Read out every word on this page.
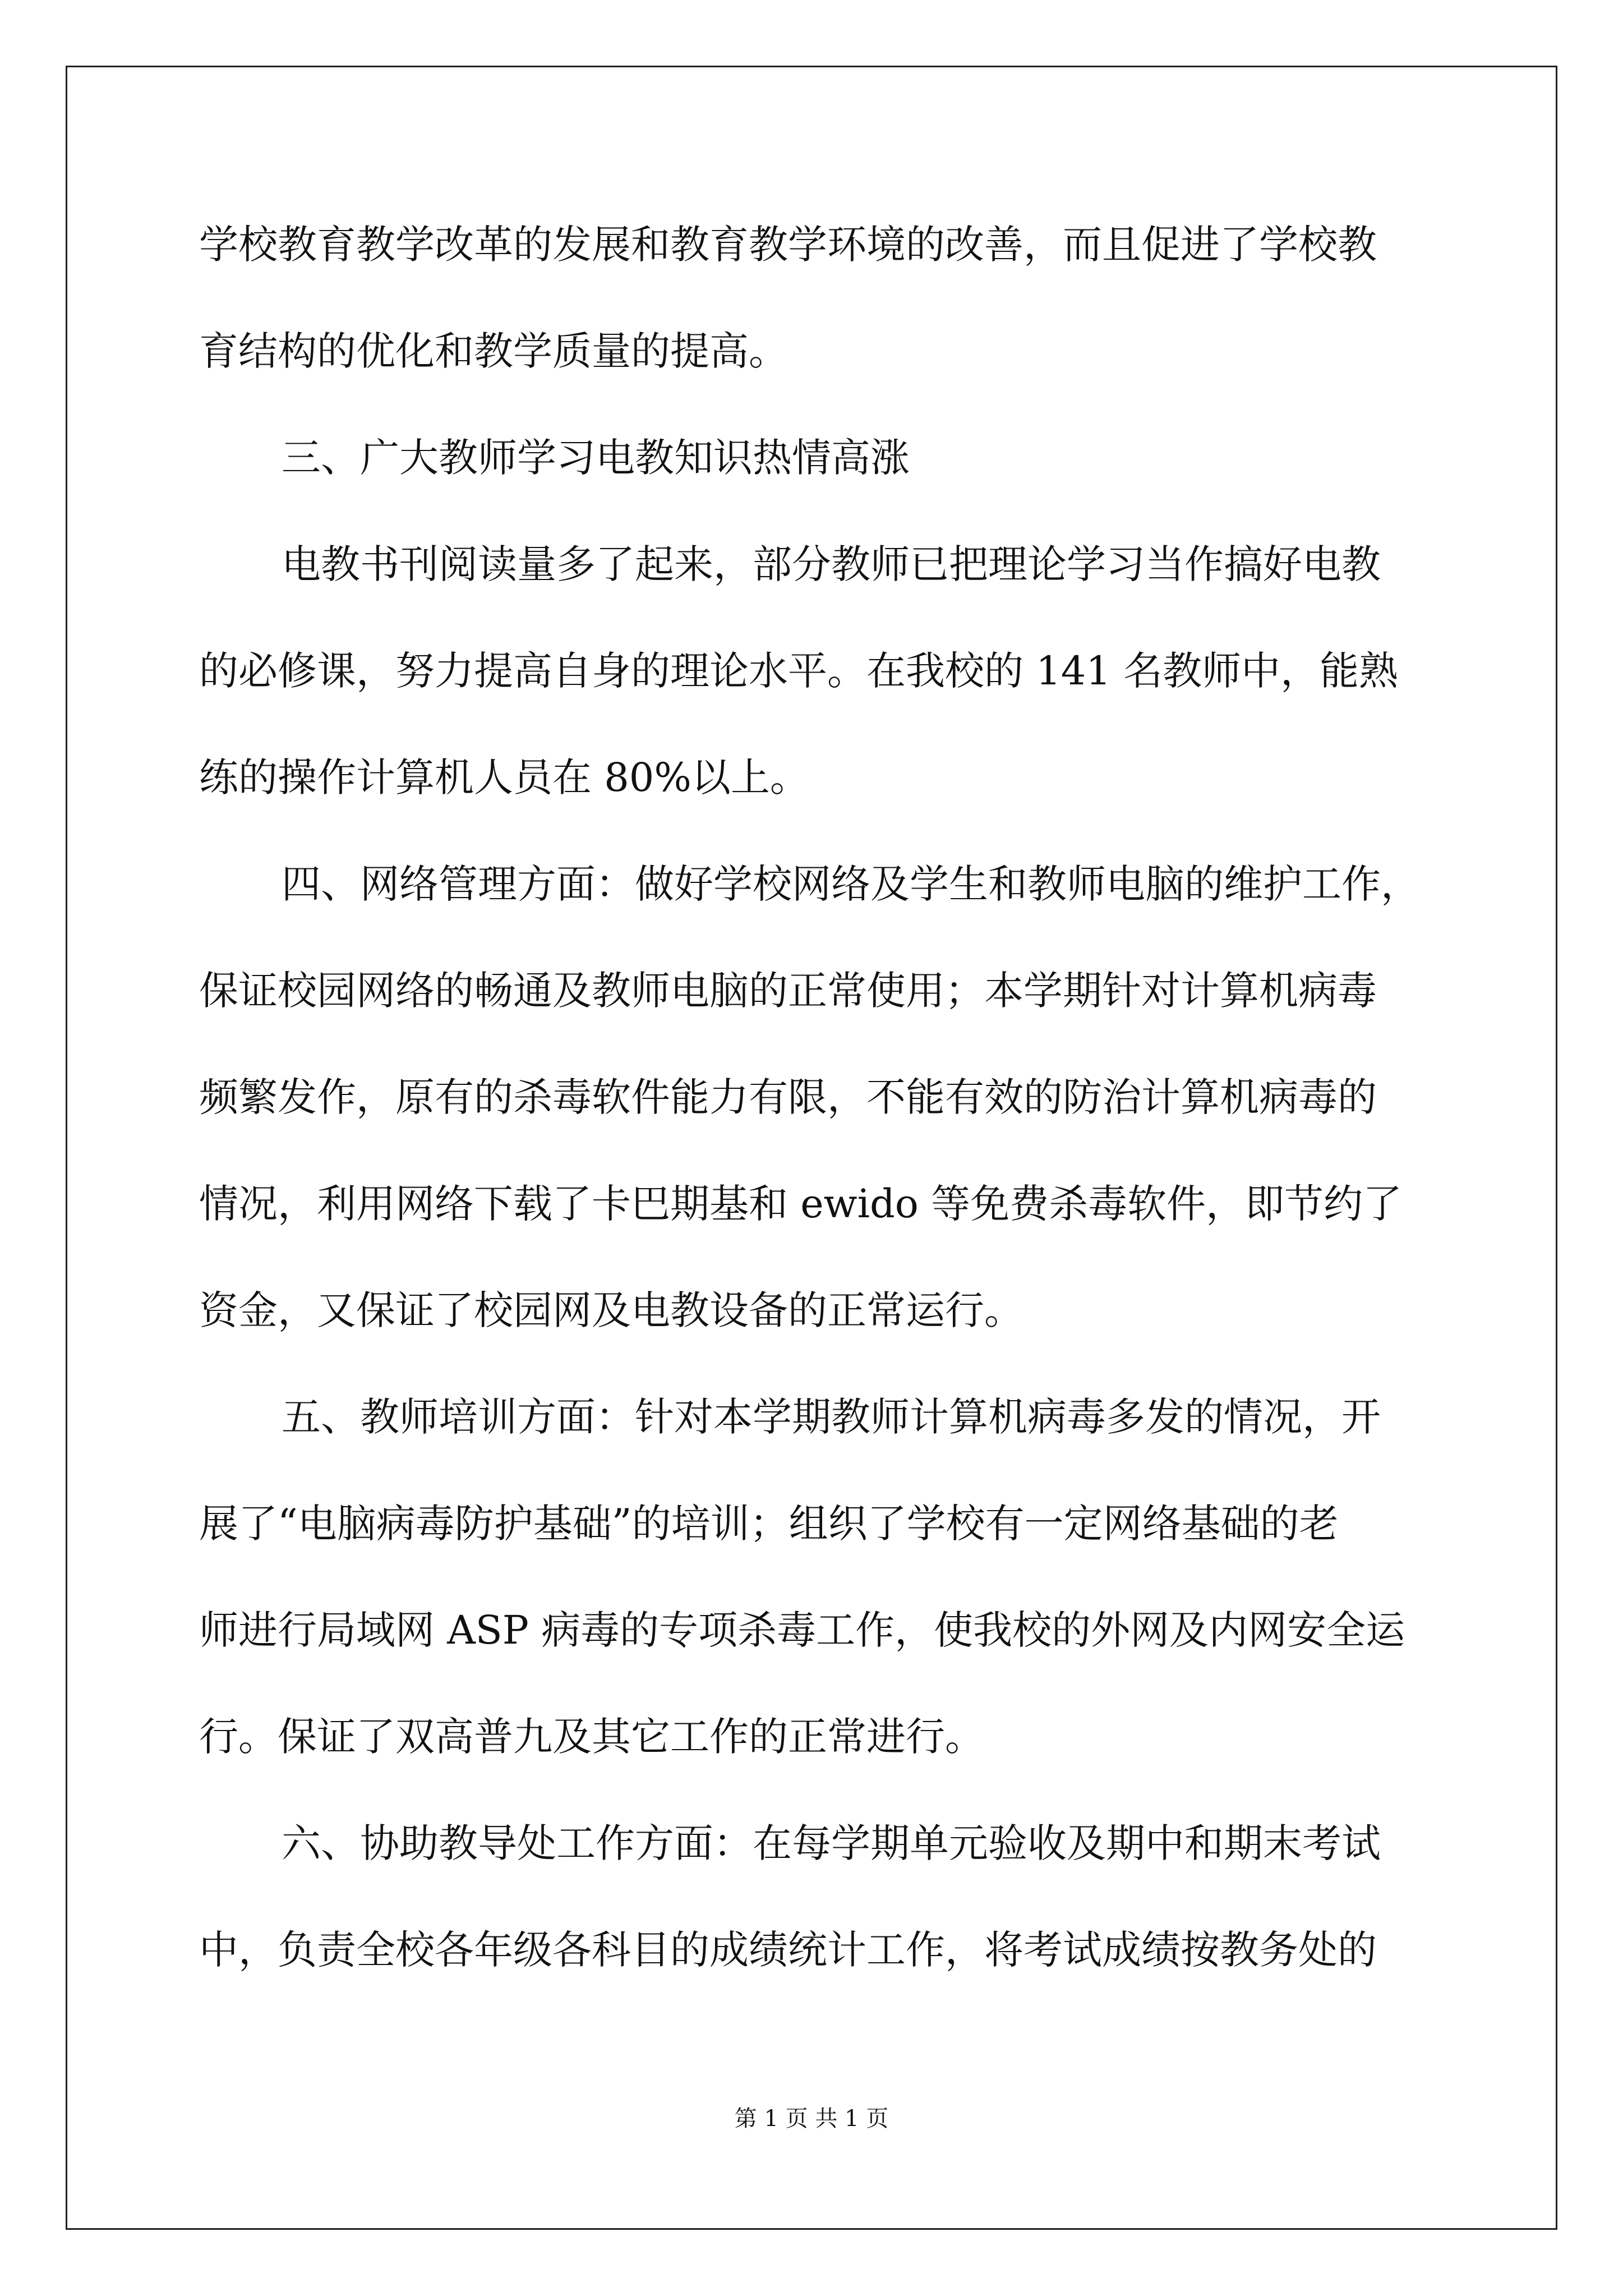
学校教育教学改革的发展和教育教学环境的改善，而且促进了学校教
育结构的优化和教学质量的提高。
三、广大教师学习电教知识热情高涨
电教书刊阅读量多了起来，部分教师已把理论学习当作搞好电教
的必修课，努力提高自身的理论水平。在我校的 141 名教师中，能熟
练的操作计算机人员在 80%以上。
四、网络管理方面：做好学校网络及学生和教师电脑的维护工作，
保证校园网络的畅通及教师电脑的正常使用；本学期针对计算机病毒
频繁发作，原有的杀毒软件能力有限，不能有效的防治计算机病毒的
情况，利用网络下载了卡巴期基和 ewido 等免费杀毒软件，即节约了
资金，又保证了校园网及电教设备的正常运行。
五、教师培训方面：针对本学期教师计算机病毒多发的情况，开
展了“电脑病毒防护基础”的培训；组织了学校有一定网络基础的老
师进行局域网 ASP 病毒的专项杀毒工作，使我校的外网及内网安全运
行。保证了双高普九及其它工作的正常进行。
六、协助教导处工作方面：在每学期单元验收及期中和期末考试
中，负责全校各年级各科目的成绩统计工作，将考试成绩按教务处的
第 1 页 共 1 页
